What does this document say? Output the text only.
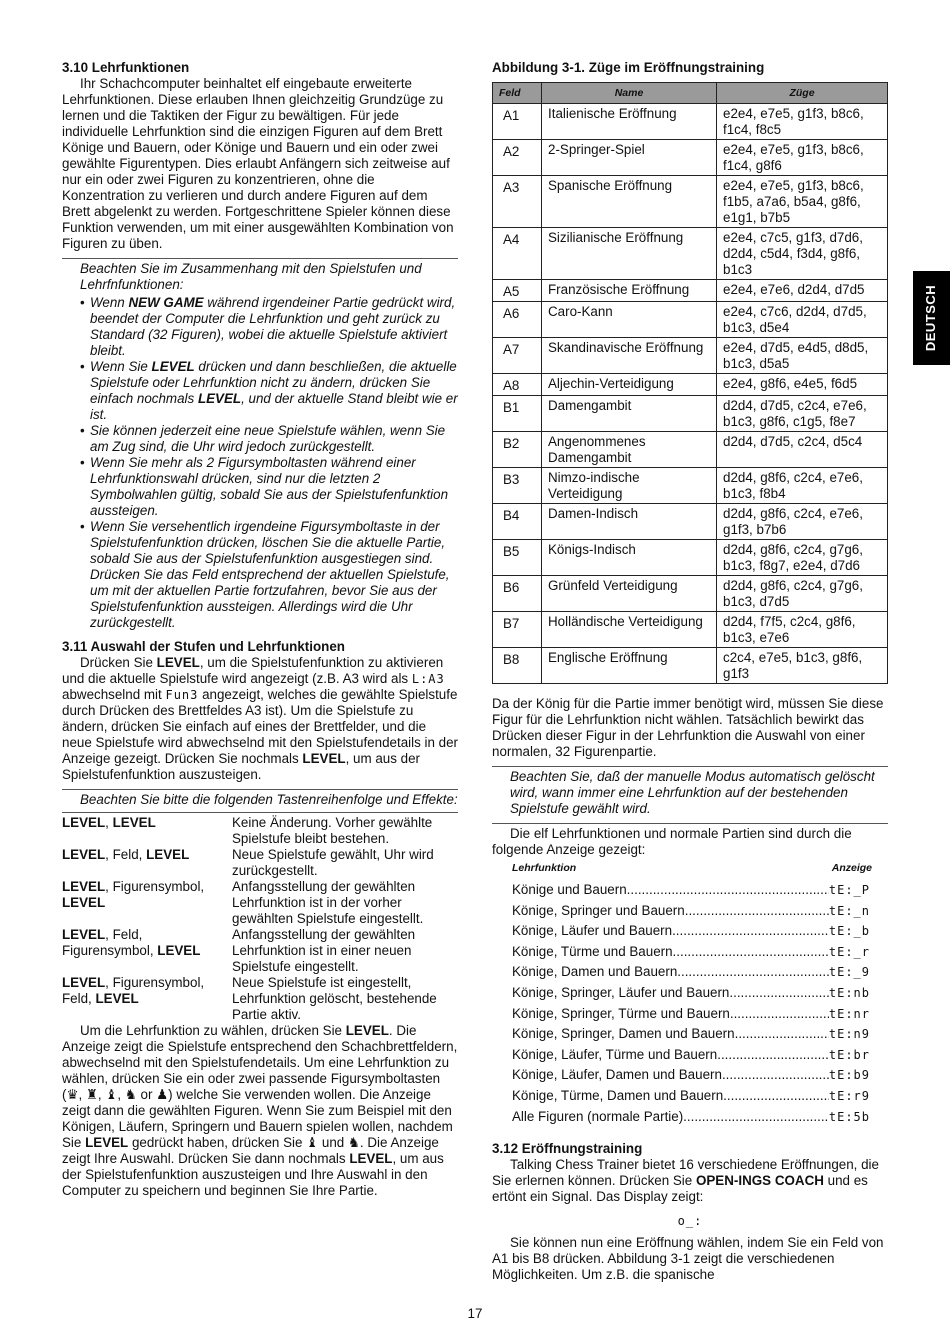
DEUTSCH
3.10 Lehrfunktionen

Ihr Schachcomputer beinhaltet elf eingebaute erweiterte Lehrfunktionen. Diese erlauben Ihnen gleichzeitig Grundzüge zu lernen und die Taktiken der Figur zu bewältigen. Für jede individuelle Lehrfunktion sind die einzigen Figuren auf dem Brett Könige und Bauern, oder Könige und Bauern und ein oder zwei gewählte Figurentypen. Dies erlaubt Anfängern sich zeitweise auf nur ein oder zwei Figuren zu konzentrieren, ohne die Konzentration zu verlieren und durch andere Figuren auf dem Brett abgelenkt zu werden. Fortgeschrittene Spieler können diese Funktion verwenden, um mit einer ausgewählten Kombination von Figuren zu üben.

Beachten Sie im Zusammenhang mit den Spielstufen und Lehrfnfunktionen:
• Wenn NEW GAME während irgendeiner Partie gedrückt wird, beendet der Computer die Lehrfunktion und geht zurück zu Standard (32 Figuren), wobei die aktuelle Spielstufe aktiviert bleibt.
• Wenn Sie LEVEL drücken und dann beschließen, die aktuelle Spielstufe oder Lehrfunktion nicht zu ändern, drücken Sie einfach nochmals LEVEL, und der aktuelle Stand bleibt wie er ist.
• Sie können jederzeit eine neue Spielstufe wählen, wenn Sie am Zug sind, die Uhr wird jedoch zurückgestellt.
• Wenn Sie mehr als 2 Figursymboltasten während einer Lehrfunktionswahl drücken, sind nur die letzten 2 Symbolwahlen gültig, sobald Sie aus der Spielstufenfunktion aussteigen.
• Wenn Sie versehentlich irgendeine Figursymboltaste in der Spielstufenfunktion drücken, löschen Sie die aktuelle Partie, sobald Sie aus der Spielstufenfunktion ausgestiegen sind. Drücken Sie das Feld entsprechend der aktuellen Spielstufe, um mit der aktuellen Partie fortzufahren, bevor Sie aus der Spielstufenfunktion aussteigen. Allerdings wird die Uhr zurückgestellt.
3.11 Auswahl der Stufen und Lehrfunktionen

Drücken Sie LEVEL, um die Spielstufenfunktion zu aktivieren und die aktuelle Spielstufe wird angezeigt (z.B. A3 wird als L:A3 abwechselnd mit Fun3 angezeigt, welches die gewählte Spielstufe durch Drücken des Brettfeldes A3 ist). Um die Spielstufe zu ändern, drücken Sie einfach auf eines der Brettfelder, und die neue Spielstufe wird abwechselnd mit den Spielstufendetails in der Anzeige gezeigt. Drücken Sie nochmals LEVEL, um aus der Spielstufenfunktion auszusteigen.

Beachten Sie bitte die folgenden Tastenreihenfolge und Effekte:
LEVEL, LEVEL	Keine Änderung. Vorher gewählte Spielstufe bleibt bestehen.
LEVEL, Feld, LEVEL	Neue Spielstufe gewählt, Uhr wird zurückgestellt.
LEVEL, Figurensymbol, LEVEL
Anfangsstellung der gewählten Lehrfunktion ist in der vorher gewählten Spielstufe eingestellt.
LEVEL, Feld, Figurensymbol, LEVEL
Anfangsstellung der gewählten Lehrfunktion ist in einer neuen Spielstufe eingestellt.
LEVEL, Figurensymbol, Feld, LEVEL
Neue Spielstufe ist eingestellt, Lehrfunktion gelöscht, bestehende Partie aktiv.

Um die Lehrfunktion zu wählen, drücken Sie LEVEL. Die Anzeige zeigt die Spielstufe entsprechend den Schachbrettfeldern, abwechselnd mit den Spielstufendetails. Um eine Lehrfunktion zu wählen, drücken Sie ein oder zwei passende Figursymboltasten (♛, ♜, ♝, ♞ or ♟) welche Sie verwenden wollen. Die Anzeige zeigt dann die gewählten Figuren. Wenn Sie zum Beispiel mit den Königen, Läufern, Springern und Bauern spielen wollen, nachdem Sie LEVEL gedrückt haben, drücken Sie ♝ und ♞. Die Anzeige zeigt Ihre Auswahl. Drücken Sie dann nochmals LEVEL, um aus der Spielstufenfunktion auszusteigen und Ihre Auswahl in den Computer zu speichern und beginnen Sie Ihre Partie.

Abbildung 3-1. Züge im Eröffnungstraining
Feld	Name	Züge
A1	Italienische Eröffnung	e2e4, e7e5, g1f3, b8c6, f1c4, f8c5
A2	2-Springer-Spiel	e2e4, e7e5, g1f3, b8c6, f1c4, g8f6
A3	Spanische Eröffnung	e2e4, e7e5, g1f3, b8c6, f1b5, a7a6, b5a4, g8f6, e1g1, b7b5
A4	Sizilianische Eröffnung	e2e4, c7c5, g1f3, d7d6, d2d4, c5d4, f3d4, g8f6, b1c3
A5	Französische Eröffnung	e2e4, e7e6, d2d4, d7d5
A6	Caro-Kann	e2e4, c7c6, d2d4, d7d5, b1c3, d5e4
A7	Skandinavische Eröffnung	e2e4, d7d5, e4d5, d8d5, b1c3, d5a5
A8	Aljechin-Verteidigung	e2e4, g8f6, e4e5, f6d5
B1	Damengambit	d2d4, d7d5, c2c4, e7e6, b1c3, g8f6, c1g5, f8e7
B2	Angenommenes Damengambit	d2d4, d7d5, c2c4, d5c4
B3	Nimzo-indische Verteidigung	d2d4, g8f6, c2c4, e7e6, b1c3, f8b4
B4	Damen-Indisch	d2d4, g8f6, c2c4, e7e6, g1f3, b7b6
B5	Königs-Indisch	d2d4, g8f6, c2c4, g7g6, b1c3, f8g7, e2e4, d7d6
B6	Grünfeld Verteidigung	d2d4, g8f6, c2c4, g7g6, b1c3, d7d5
B7	Holländische Verteidigung	d2d4, f7f5, c2c4, g8f6, b1c3, e7e6
B8	Englische Eröffnung	c2c4, e7e5, b1c3, g8f6, g1f3

Da der König für die Partie immer benötigt wird, müssen Sie diese Figur für die Lehrfunktion nicht wählen. Tatsächlich bewirkt das Drücken dieser Figur in der Lehrfunktion die Auswahl von einer normalen, 32 Figurenpartie.

Beachten Sie, daß der manuelle Modus automatisch gelöscht wird, wann immer eine Lehrfunktion auf der bestehenden Spielstufe gewählt wird.

Die elf Lehrfunktionen und normale Partien sind durch die folgende Anzeige gezeigt:

Lehrfunktion	Anzeige
Könige und Bauern .....	tE:_P
Könige, Springer und Bauern .....	tE:_n
Könige, Läufer und Bauern .....	tE:_b
Könige, Türme und Bauern .....	tE:_r
Könige, Damen und Bauern .....	tE:_9
Könige, Springer, Läufer und Bauern .....	tE:nb
Könige, Springer, Türme und Bauern .....	tE:nr
Könige, Springer, Damen und Bauern .....	tE:n9
Könige, Läufer, Türme und Bauern .....	tE:br
Könige, Läufer, Damen und Bauern .....	tE:b9
Könige, Türme, Damen und Bauern .....	tE:r9
Alle Figuren (normale Partie) .....	tE:5b
3.12 Eröffnungstraining

Talking Chess Trainer bietet 16 verschiedene Eröffnungen, die Sie erlernen können. Drücken Sie OPEN-INGS COACH und es ertönt ein Signal. Das Display zeigt:

o_:

Sie können nun eine Eröffnung wählen, indem Sie ein Feld von A1 bis B8 drücken. Abbildung 3-1 zeigt die verschiedenen Möglichkeiten. Um z.B. die spanische

17
